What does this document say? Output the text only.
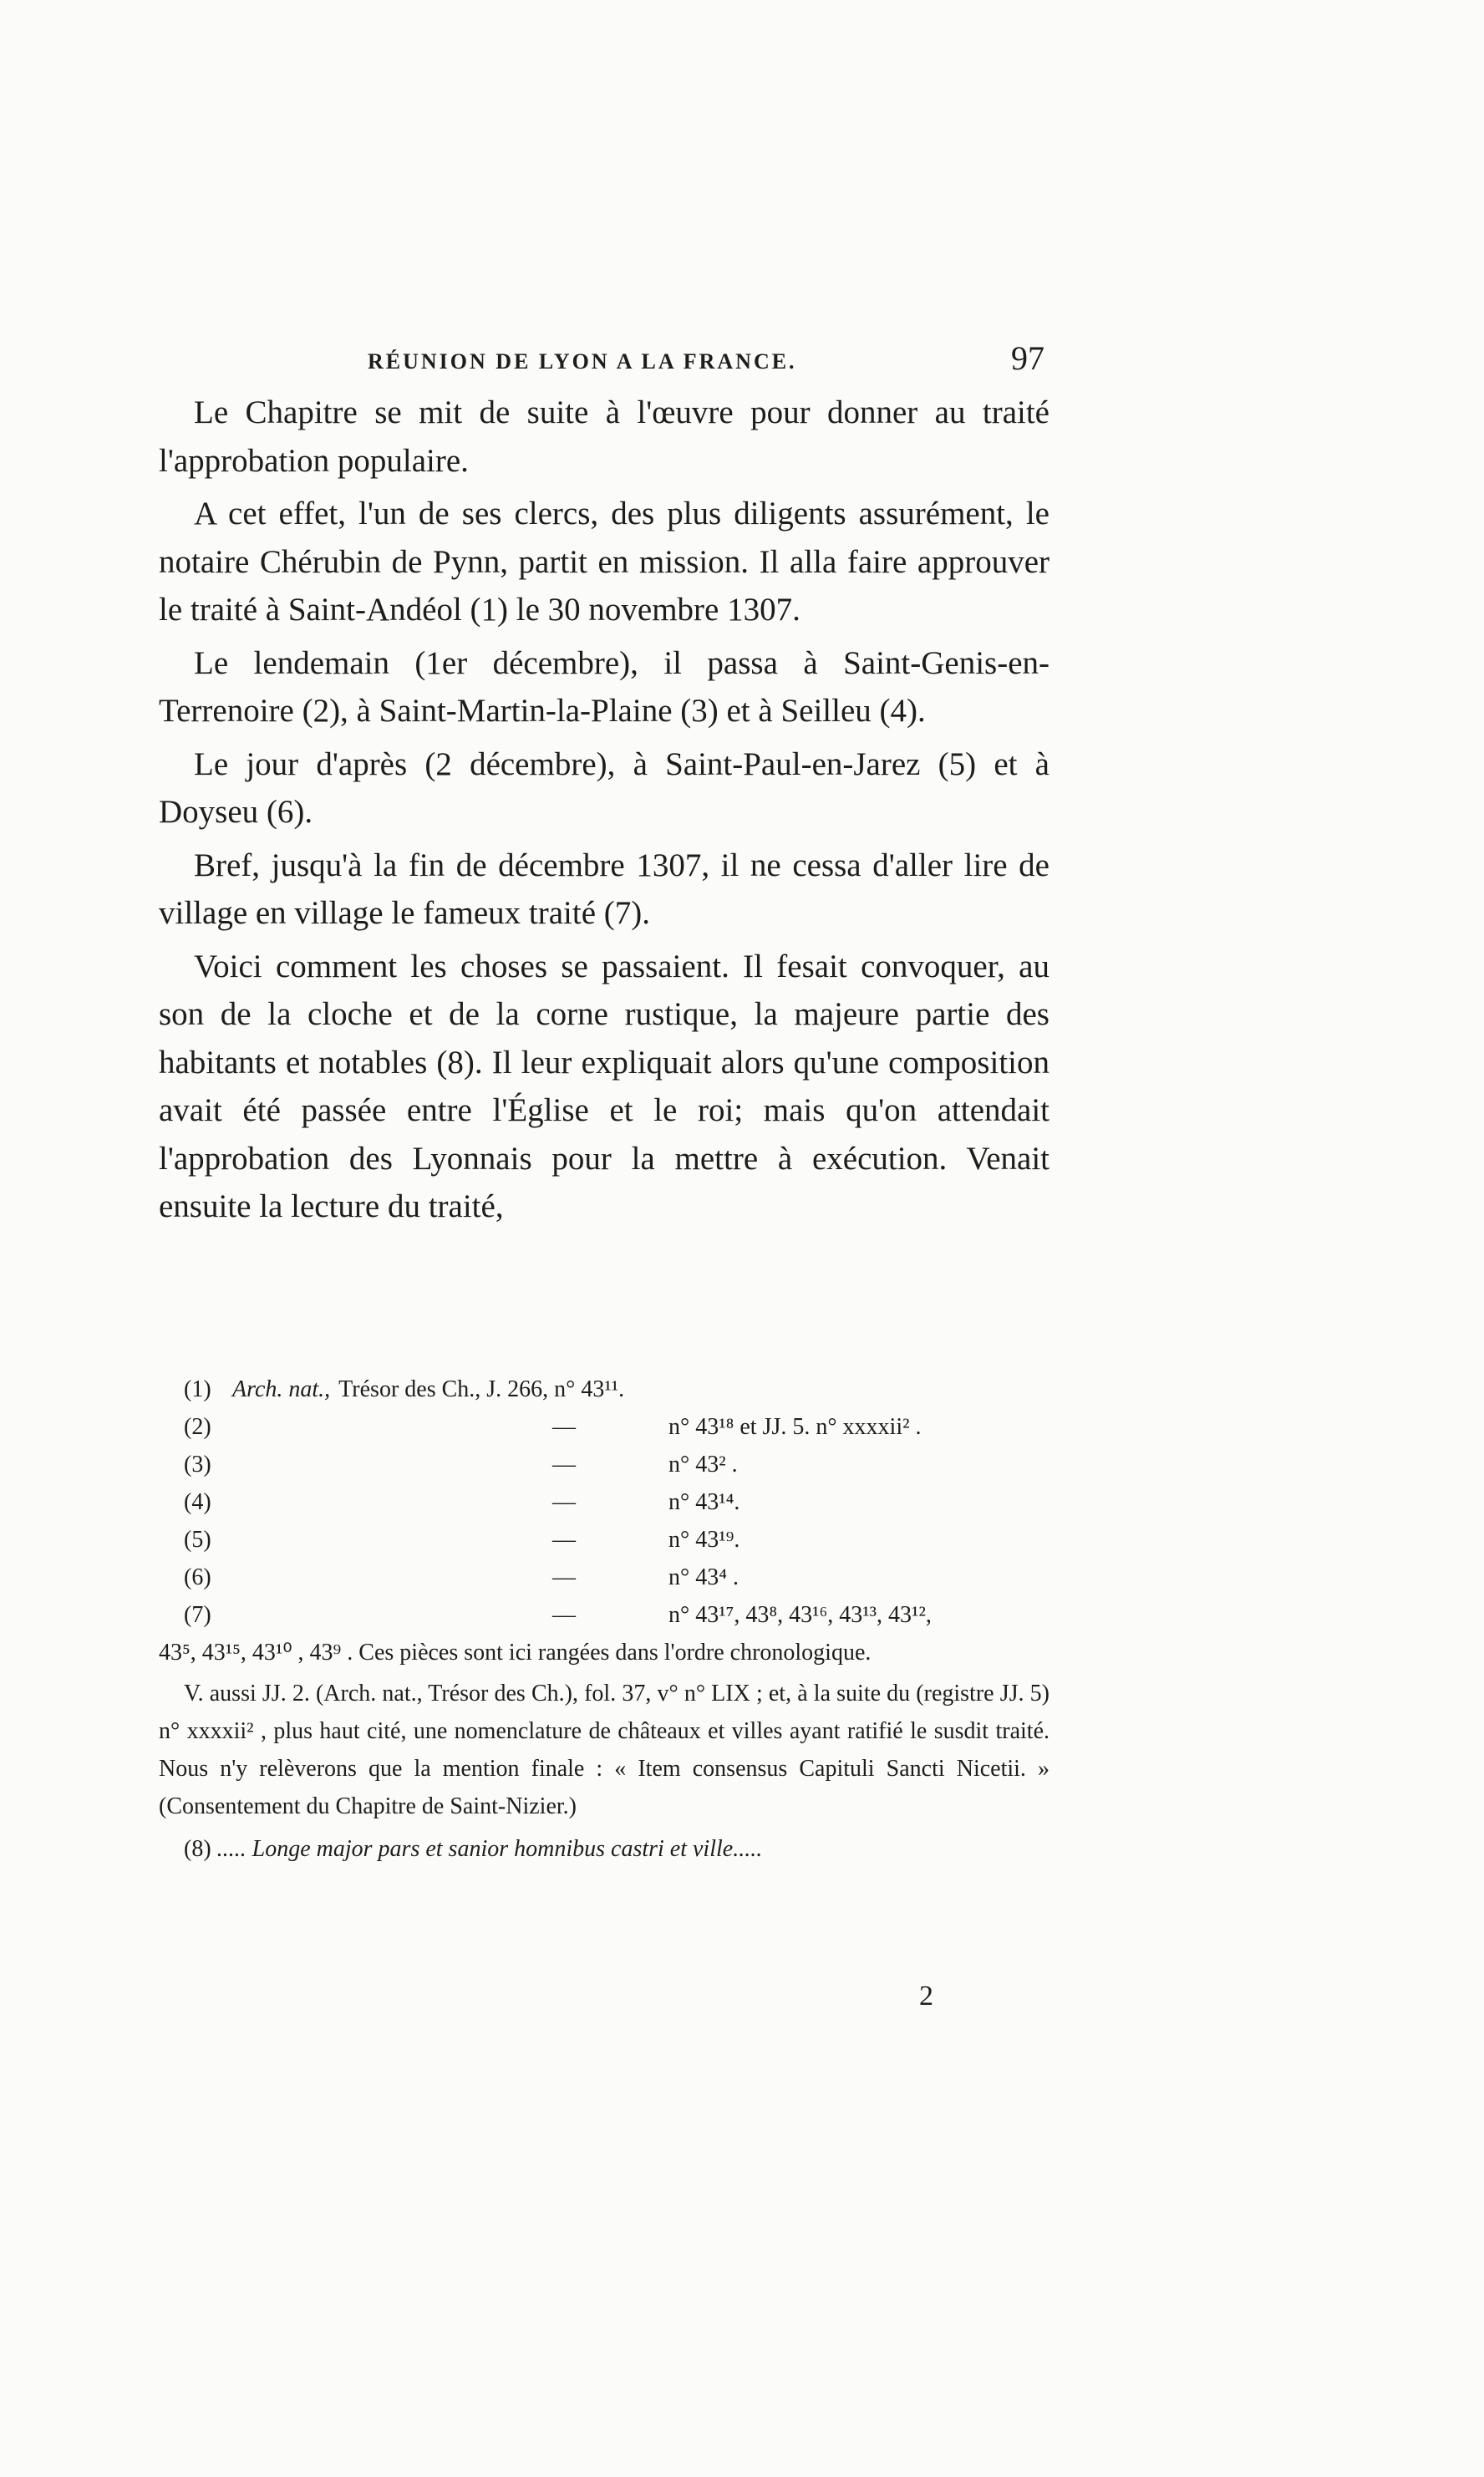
RÉUNION DE LYON A LA FRANCE.	97

Le Chapitre se mit de suite à l'œuvre pour donner au traité l'approbation populaire.

A cet effet, l'un de ses clercs, des plus diligents assurément, le notaire Chérubin de Pynn, partit en mission. Il alla faire approuver le traité à Saint-Andéol (1) le 30 novembre 1307.

Le lendemain (1er décembre), il passa à Saint-Genis-en-Terrenoire (2), à Saint-Martin-la-Plaine (3) et à Seilleu (4).

Le jour d'après (2 décembre), à Saint-Paul-en-Jarez (5) et à Doyseu (6).

Bref, jusqu'à la fin de décembre 1307, il ne cessa d'aller lire de village en village le fameux traité (7).

Voici comment les choses se passaient. Il fesait convoquer, au son de la cloche et de la corne rustique, la majeure partie des habitants et notables (8). Il leur expliquait alors qu'une composition avait été passée entre l'Église et le roi; mais qu'on attendait l'approbation des Lyonnais pour la mettre à exécution. Venait ensuite la lecture du traité,

(1) Arch. nat., Trésor des Ch., J. 266, n° 43¹¹.
(2)	—	n° 43¹⁸ et JJ. 5. n° xxxxii² .
(3)	—	n° 43² .
(4)	—	n° 43¹⁴.
(5)	—	n° 43¹⁹.
(6)	—	n° 43⁴ .
(7)	—	n° 43¹⁷, 43⁸, 43¹⁶, 43¹³, 43¹²,

43⁵, 43¹⁵, 43¹⁰ , 43⁹ . Ces pièces sont ici rangées dans l'ordre chronologique.

V. aussi JJ. 2. (Arch. nat., Trésor des Ch.), fol. 37, v° n° LIX ; et, à la suite du (registre JJ. 5) n° xxxxii² , plus haut cité, une nomenclature de châteaux et villes ayant ratifié le susdit traité. Nous n'y relèverons que la mention finale : « Item consensus Capituli Sancti Nicetii. » (Consentement du Chapitre de Saint-Nizier.)

(8) ..... Longe major pars et sanior homnibus castri et ville.....
2
